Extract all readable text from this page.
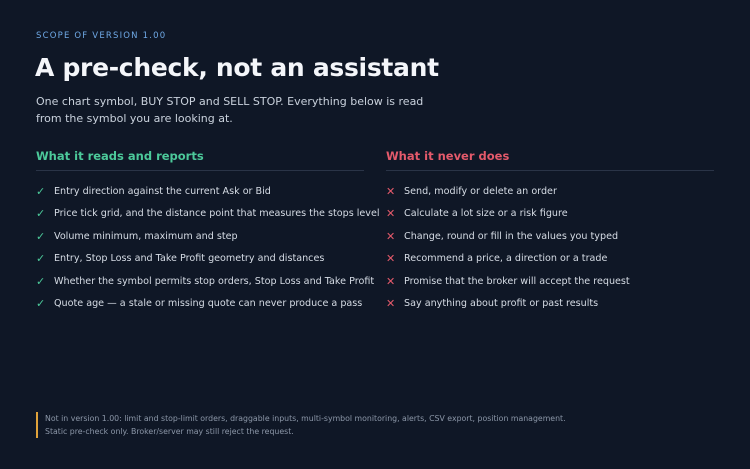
SCOPE OF VERSION 1.00
A pre-check, not an assistant
One chart symbol, BUY STOP and SELL STOP. Everything below is read from the symbol you are looking at.
What it reads and reports
✓ Entry direction against the current Ask or Bid
✓ Price tick grid, and the distance point that measures the stops level
✓ Volume minimum, maximum and step
✓ Entry, Stop Loss and Take Profit geometry and distances
✓ Whether the symbol permits stop orders, Stop Loss and Take Profit
✓ Quote age — a stale or missing quote can never produce a pass
What it never does
✕ Send, modify or delete an order
✕ Calculate a lot size or a risk figure
✕ Change, round or fill in the values you typed
✕ Recommend a price, a direction or a trade
✕ Promise that the broker will accept the request
✕ Say anything about profit or past results
Not in version 1.00: limit and stop-limit orders, draggable inputs, multi-symbol monitoring, alerts, CSV export, position management.
Static pre-check only. Broker/server may still reject the request.
